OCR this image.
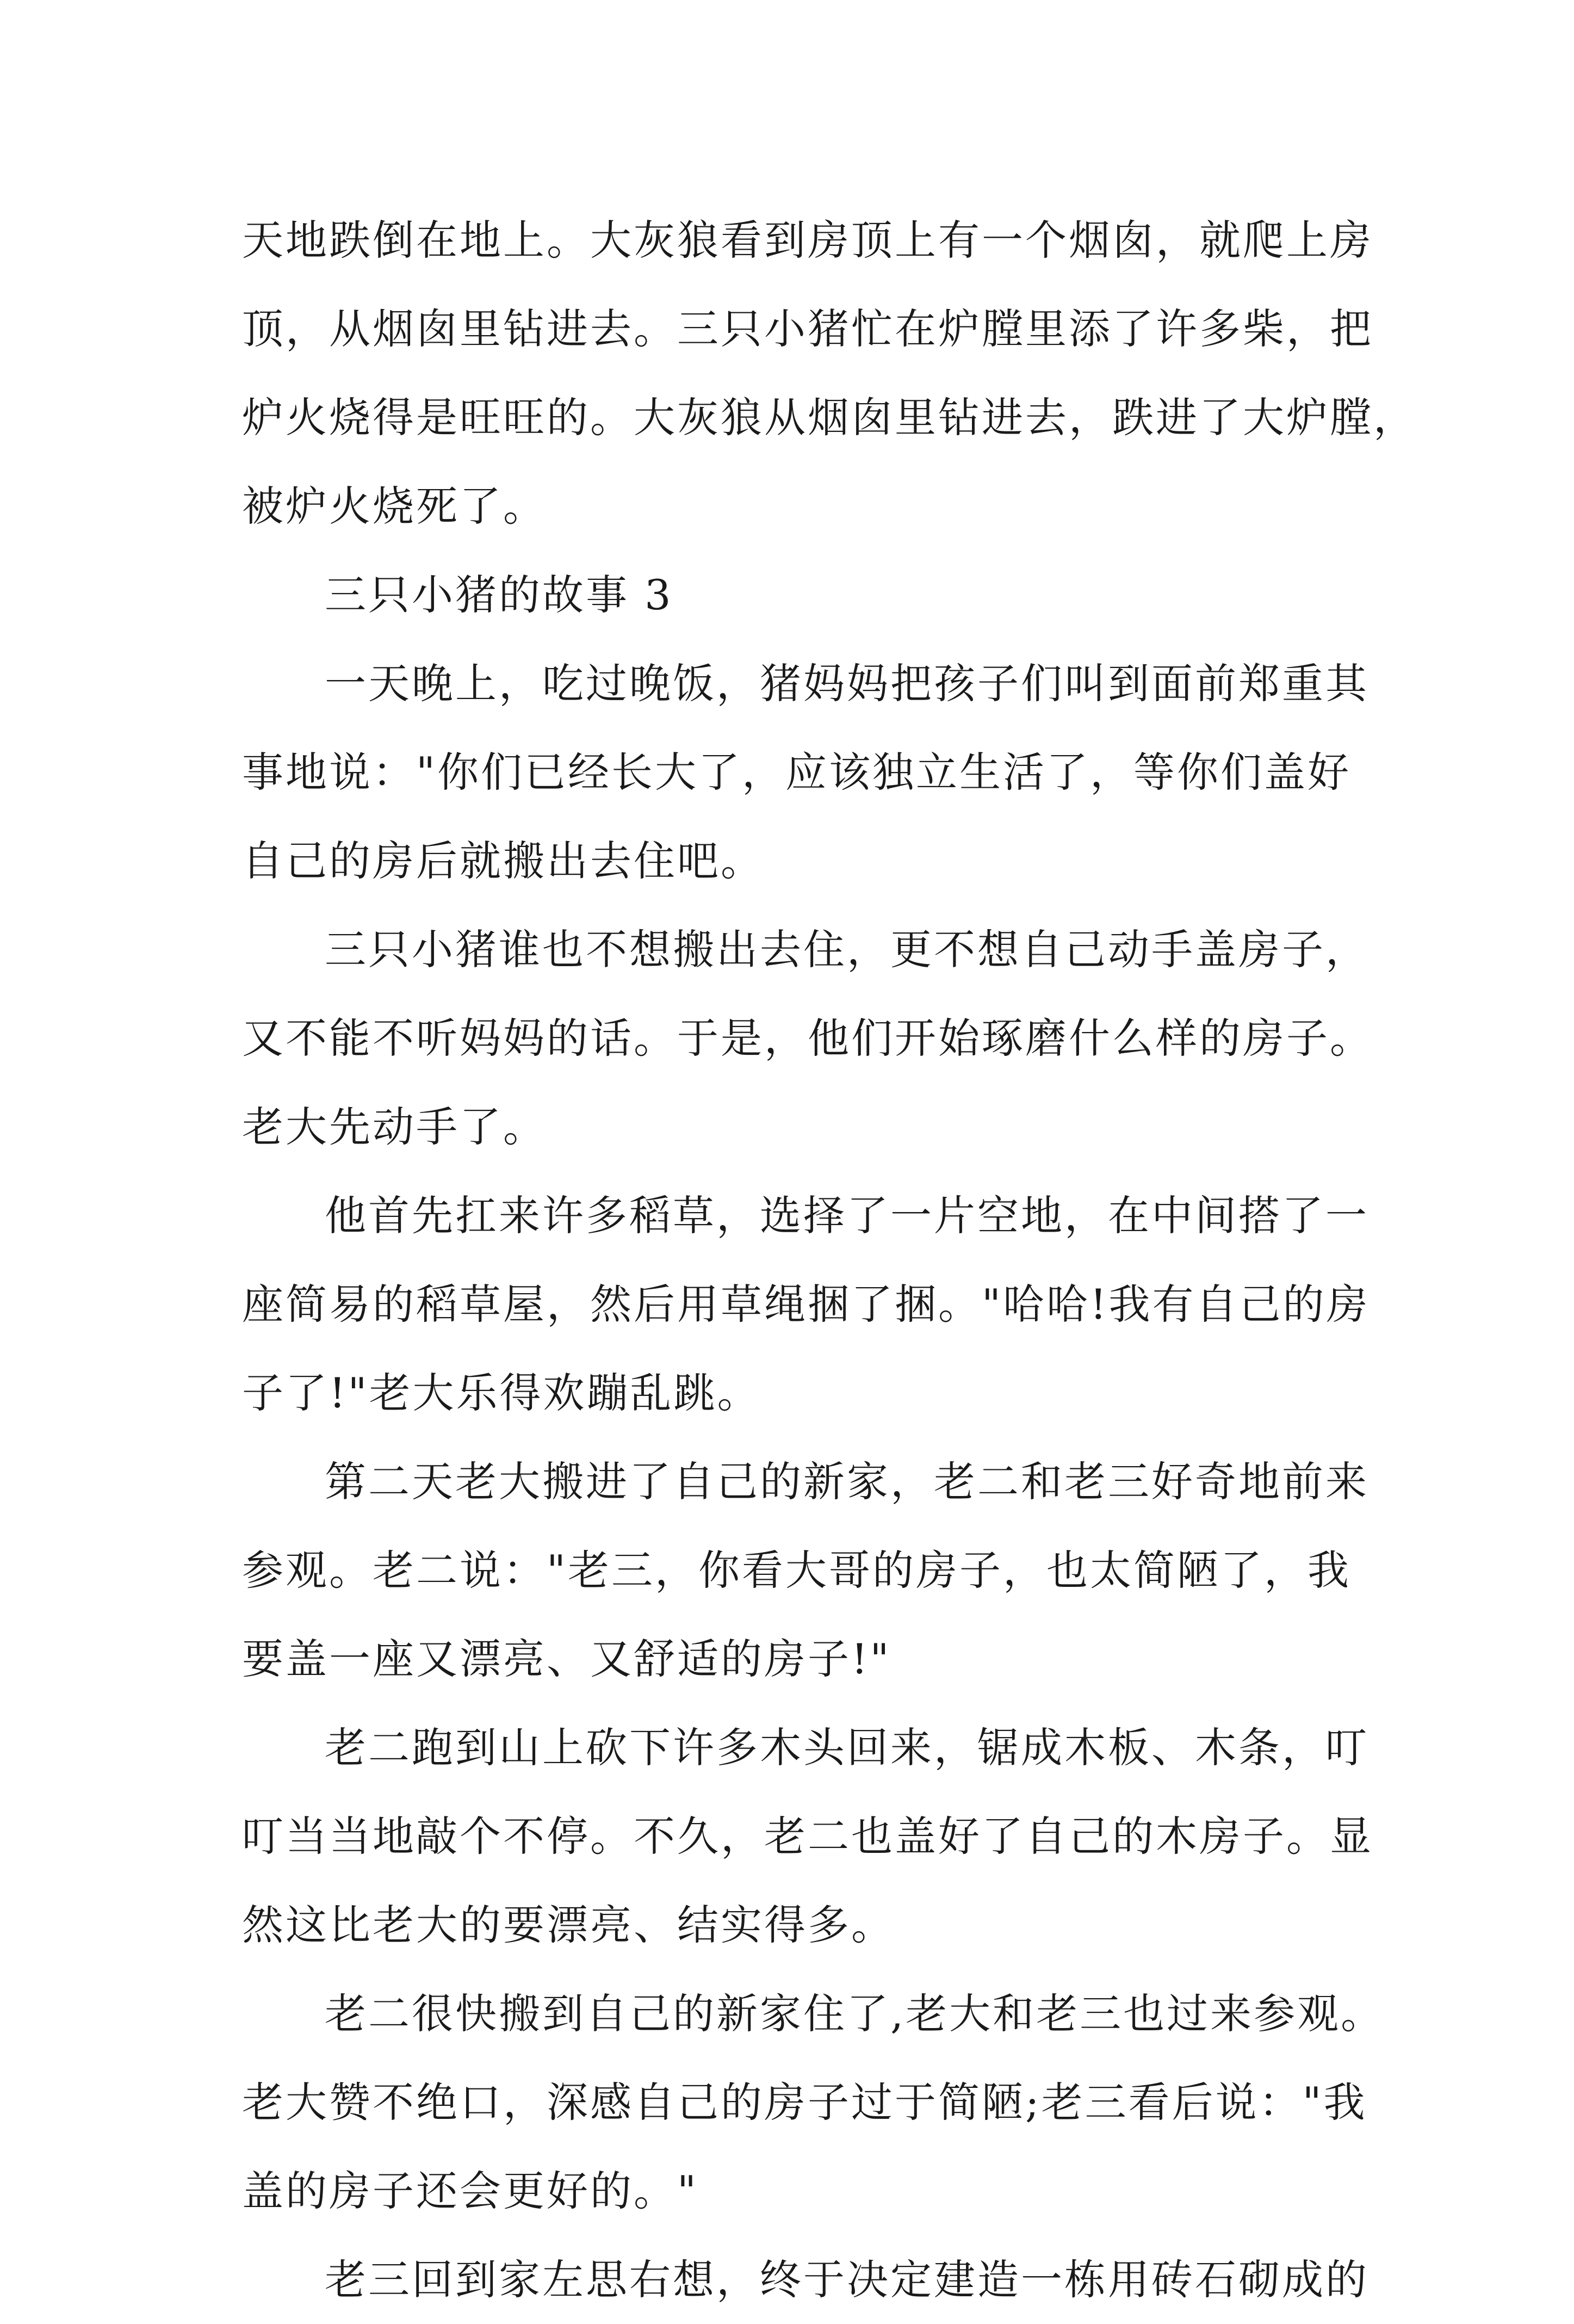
天地跌倒在地上。大灰狼看到房顶上有一个烟囱，就爬上房
顶，从烟囱里钻进去。三只小猪忙在炉膛里添了许多柴，把
炉火烧得是旺旺的。大灰狼从烟囱里钻进去，跌进了大炉膛，
被炉火烧死了。
三只小猪的故事 3
一天晚上，吃过晚饭，猪妈妈把孩子们叫到面前郑重其
事地说："你们已经长大了，应该独立生活了，等你们盖好
自己的房后就搬出去住吧。
三只小猪谁也不想搬出去住，更不想自己动手盖房子，
又不能不听妈妈的话。于是，他们开始琢磨什么样的房子。
老大先动手了。
他首先扛来许多稻草，选择了一片空地，在中间搭了一
座简易的稻草屋，然后用草绳捆了捆。"哈哈!我有自己的房
子了!"老大乐得欢蹦乱跳。
第二天老大搬进了自己的新家，老二和老三好奇地前来
参观。老二说："老三，你看大哥的房子，也太简陋了，我
要盖一座又漂亮、又舒适的房子!"
老二跑到山上砍下许多木头回来，锯成木板、木条，叮
叮当当地敲个不停。不久，老二也盖好了自己的木房子。显
然这比老大的要漂亮、结实得多。
老二很快搬到自己的新家住了,老大和老三也过来参观。
老大赞不绝口，深感自己的房子过于简陋;老三看后说："我
盖的房子还会更好的。"
老三回到家左思右想，终于决定建造一栋用砖石砌成的
